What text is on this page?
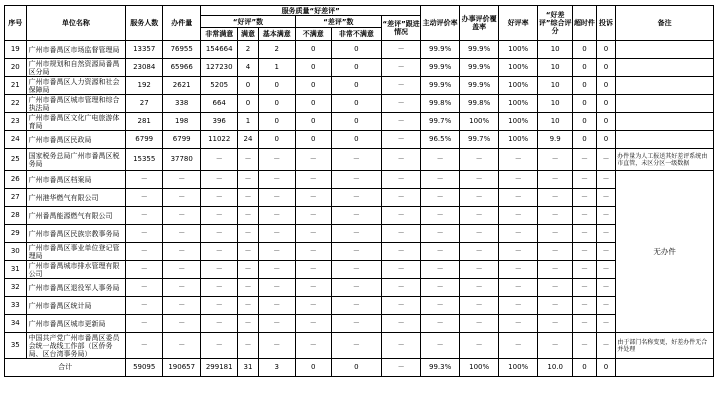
序号	单位名称	服务人数	办件量	服务质量“好差评”						主动评价率	办事评价覆盖率	好评率	“好差评”综合评分	超时件	投诉	备注
				“好评”数			“差评”数		“差评”跟进情况							
				非常满意	满意	基本满意	不满意	非常不满意								
19	广州市番禺区市场监督管理局	13357	76955	154664	2	2	0	0	－	99.9%	99.9%	100%	10	0	0	
20	广州市规划和自然资源局番禺区分局	23084	65966	127230	4	1	0	0	－	99.9%	99.9%	100%	10	0	0	
21	广州市番禺区人力资源和社会保障局	192	2621	5205	0	0	0	0	－	99.9%	99.9%	100%	10	0	0	
22	广州市番禺区城市管理和综合执法局	27	338	664	0	0	0	0	－	99.8%	99.8%	100%	10	0	0	
23	广州市番禺区文化广电旅游体育局	281	198	396	1	0	0	0	－	99.7%	100%	100%	10	0	0	
24	广州市番禺区民政局	6799	6799	11022	24	0	0	0	－	96.5%	99.7%	100%	9.9	0	0	
25	国家税务总局广州市番禺区税务局	15355	37780	－	－	－	－	－	－	－	－	－	－	－	－	办件量为人工报送其好差评系统由市直管，未区分区一级数据
26	广州市番禺区档案局	－	－	－	－	－	－	－	－	－	－	－	－	－	－	无办件
27	广州港华燃气有限公司	－	－	－	－	－	－	－	－	－	－	－	－	－	－	
28	广州番禺能源燃气有限公司	－	－	－	－	－	－	－	－	－	－	－	－	－	－	
29	广州市番禺区民族宗教事务局	－	－	－	－	－	－	－	－	－	－	－	－	－	－	
30	广州市番禺区事业单位登记管理局	－	－	－	－	－	－	－	－	－	－	－	－	－	－	
31	广州市番禺城市排水管理有限公司	－	－	－	－	－	－	－	－	－	－	－	－	－	－	
32	广州市番禺区退役军人事务局	－	－	－	－	－	－	－	－	－	－	－	－	－	－	
33	广州市番禺区统计局	－	－	－	－	－	－	－	－	－	－	－	－	－	－	
34	广州市番禺区城市更新局	－	－	－	－	－	－	－	－	－	－	－	－	－	－	
35	中国共产党广州市番禺区委员会统一战线工作部（区侨务局、区台湾事务局）	－	－	－	－	－	－	－	－	－	－	－	－	－	－	由于部门名称变更，好差办件无合并处理
合计		59095	190657	299181	31	3	0	0	－	99.3%	100%	100%	10.0	0	0	
